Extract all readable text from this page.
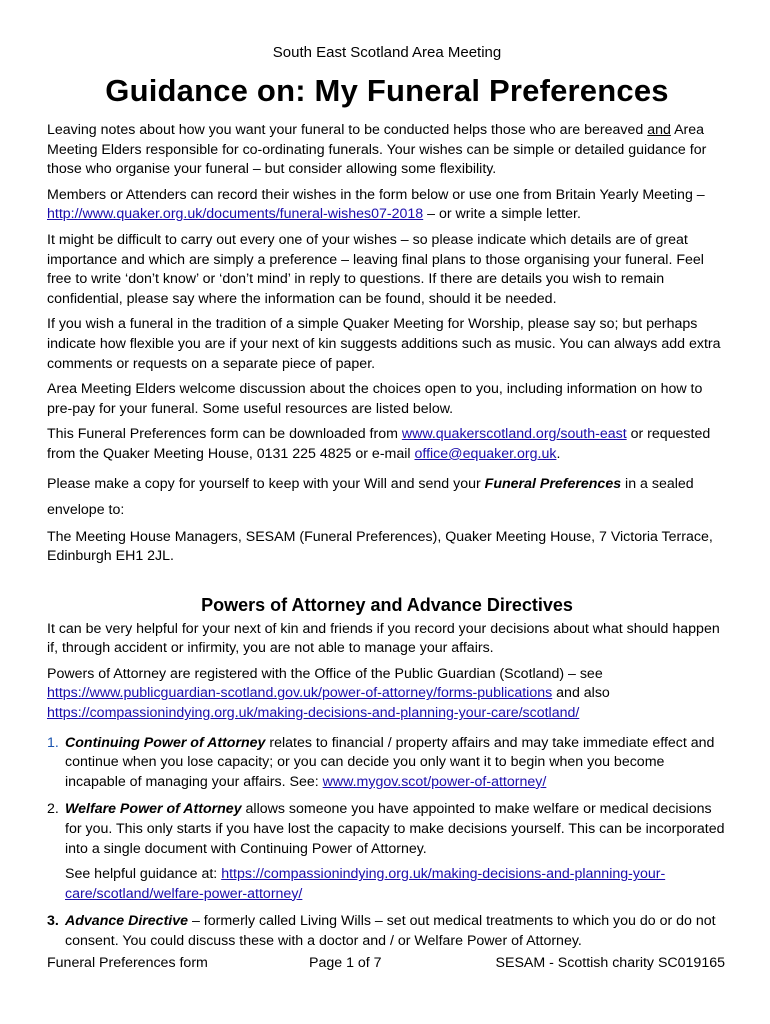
South East Scotland Area Meeting
Guidance on: My Funeral Preferences

Leaving notes about how you want your funeral to be conducted helps those who are bereaved and Area Meeting Elders responsible for co-ordinating funerals. Your wishes can be simple or detailed guidance for those who organise your funeral – but consider allowing some flexibility.

Members or Attenders can record their wishes in the form below or use one from Britain Yearly Meeting – http://www.quaker.org.uk/documents/funeral-wishes07-2018 – or write a simple letter.

It might be difficult to carry out every one of your wishes – so please indicate which details are of great importance and which are simply a preference – leaving final plans to those organising your funeral. Feel free to write ‘don’t know’ or ‘don’t mind’ in reply to questions. If there are details you wish to remain confidential, please say where the information can be found, should it be needed.

If you wish a funeral in the tradition of a simple Quaker Meeting for Worship, please say so; but perhaps indicate how flexible you are if your next of kin suggests additions such as music. You can always add extra comments or requests on a separate piece of paper.

Area Meeting Elders welcome discussion about the choices open to you, including information on how to pre-pay for your funeral. Some useful resources are listed below.

This Funeral Preferences form can be downloaded from www.quakerscotland.org/south-east or requested from the Quaker Meeting House, 0131 225 4825 or e-mail office@equaker.org.uk.

Please make a copy for yourself to keep with your Will and send your Funeral Preferences in a sealed envelope to:

The Meeting House Managers, SESAM (Funeral Preferences), Quaker Meeting House, 7 Victoria Terrace, Edinburgh EH1 2JL.

Powers of Attorney and Advance Directives

It can be very helpful for your next of kin and friends if you record your decisions about what should happen if, through accident or infirmity, you are not able to manage your affairs.

Powers of Attorney are registered with the Office of the Public Guardian (Scotland) – see https://www.publicguardian-scotland.gov.uk/power-of-attorney/forms-publications and also https://compassionindying.org.uk/making-decisions-and-planning-your-care/scotland/

1. Continuing Power of Attorney relates to financial / property affairs and may take immediate effect and continue when you lose capacity; or you can decide you only want it to begin when you become incapable of managing your affairs. See: www.mygov.scot/power-of-attorney/
2. Welfare Power of Attorney allows someone you have appointed to make welfare or medical decisions for you. This only starts if you have lost the capacity to make decisions yourself. This can be incorporated into a single document with Continuing Power of Attorney.

See helpful guidance at: https://compassionindying.org.uk/making-decisions-and-planning-your-care/scotland/welfare-power-attorney/

3. Advance Directive – formerly called Living Wills – set out medical treatments to which you do or do not consent. You could discuss these with a doctor and / or Welfare Power of Attorney.
Funeral Preferences form	Page 1 of 7	SESAM - Scottish charity SC019165
